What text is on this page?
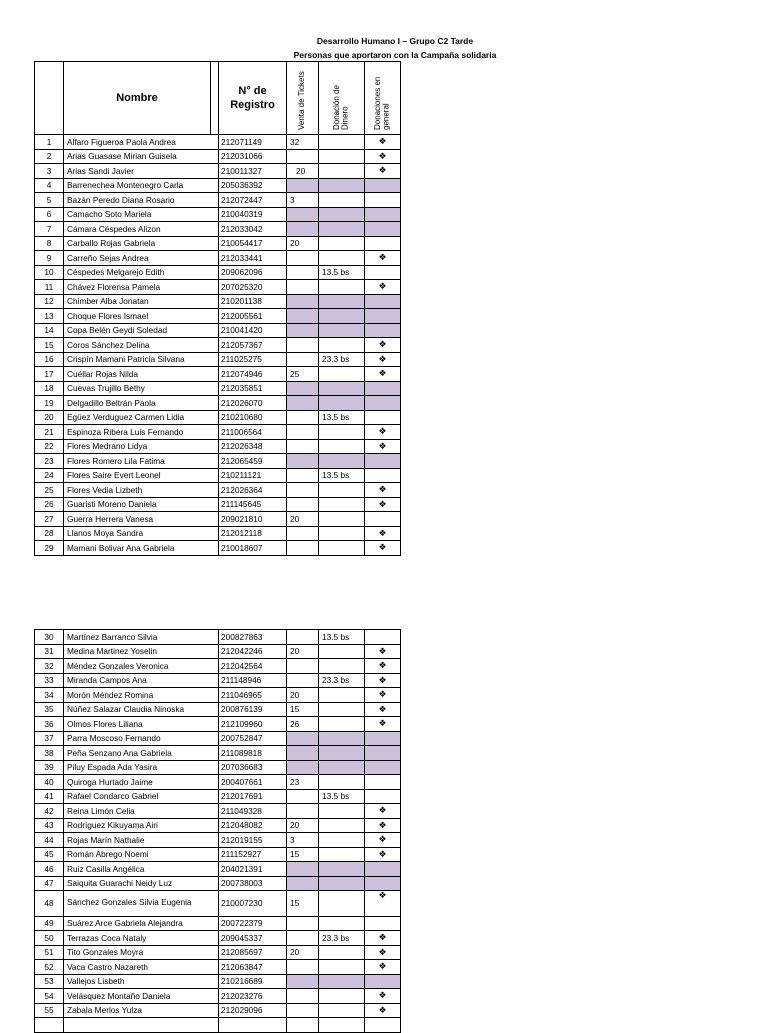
Desarrollo Humano I – Grupo C2 Tarde
Personas que aportaron con la Campaña solidaria
	Nombre		N° de Registro	Venta de Tickets	Donación de Dinero	Donaciones en general
1	Alfaro Figueroa Paola Andrea		212071149	32		❖
2	Arias Guasase Mirian Guisela		212031066			❖
3	Arias Sandi Javier		210011327	20		❖
4	Barrenechea Montenegro Carla		205036392			
5	Bazán Peredo Diana Rosario		212072447	3		
6	Camacho Soto Mariela		210040319			
7	Cámara Céspedes Alizon		212033042			
8	Carballo Rojas Gabriela		210054417	20		
9	Carreño Sejas Andrea		212033441			❖
10	Céspedes Melgarejo Edith		209062096		13.5 bs	
11	Chávez Florensa Pamela		207025320			❖
12	Chimber Alba Jonatan		210201138			
13	Choque Flores Ismael		212005561			
14	Copa Belén Geydi Soledad		210041420			
15	Coros Sánchez Delina		212057367			❖
16	Crispín Mamani Patricia Silvana		211025275		23.3 bs	❖
17	Cuéllar Rojas Nilda		212074946	25		❖
18	Cuevas Trujillo Bethy		212035851			
19	Delgadillo Beltrán Paola		212026070			
20	Egüez Verduguez Carmen Lidia		210210680		13.5 bs	
21	Espinoza Ribera Luis Fernando		211006564			❖
22	Flores Medrano Lidya		212026348			❖
23	Flores Romero Lila Fatima		212065459			
24	Flores Saire Evert Leonel		210211121		13.5 bs	
25	Flores Vedia Lizbeth		212026364			❖
26	Guaristi Moreno Daniela		211145645			❖
27	Guerra Herrera Vanesa		209021810	20		
28	Llanos Moya Sandra		212012118			❖
29	Mamani Bolivar Ana Gabriela		210018607			❖
30	Martínez Barranco Silvia	200827863		13.5 bs	
31	Medina Martinez Yoselin	212042246	20		❖
32	Méndez Gonzales Veronica	212042564			❖
33	Miranda Campos Ana	211148946		23.3 bs	❖
34	Morón Méndez Romina	211046965	20		❖
35	Núñez Salazar Claudia Ninoska	200876139	15		❖
36	Olmos Flores Liliana	212109960	26		❖
37	Parra Moscoso Fernando	200752847			
38	Peña Senzano Ana Gabriela	211089818			
39	Piluy Espada Ada Yasira	207036683			
40	Quiroga Hurtado Jaime	200407661	23		
41	Rafael Condarco Gabriel	212017691		13.5 bs	
42	Reina Limón Celia	211049328			❖
43	Rodríguez Kikuyama Airi	212048082	20		❖
44	Rojas Marín Nathalie	212019155	3		❖
45	Román Abrego Noemi	211152927	15		❖
46	Ruiz Casilla Angélica	204021391			
47	Saiquita Guarachi Neidy Luz	200738003			
48	Sánchez Gonzales Silvia Eugenia	210007230	15		❖
49	Suárez Arce Gabriela Alejandra	200722379			
50	Terrazas Coca Nataly	209045337		23.3 bs	❖
51	Tito Gonzales Moyra	212085697	20		❖
52	Vaca Castro Nazareth	212063847			❖
53	Vallejos Lisbeth	210216689			
54	Velásquez Montaño Daniela	212023276			❖
55	Zabala Merlos Yulza	212029096			❖
